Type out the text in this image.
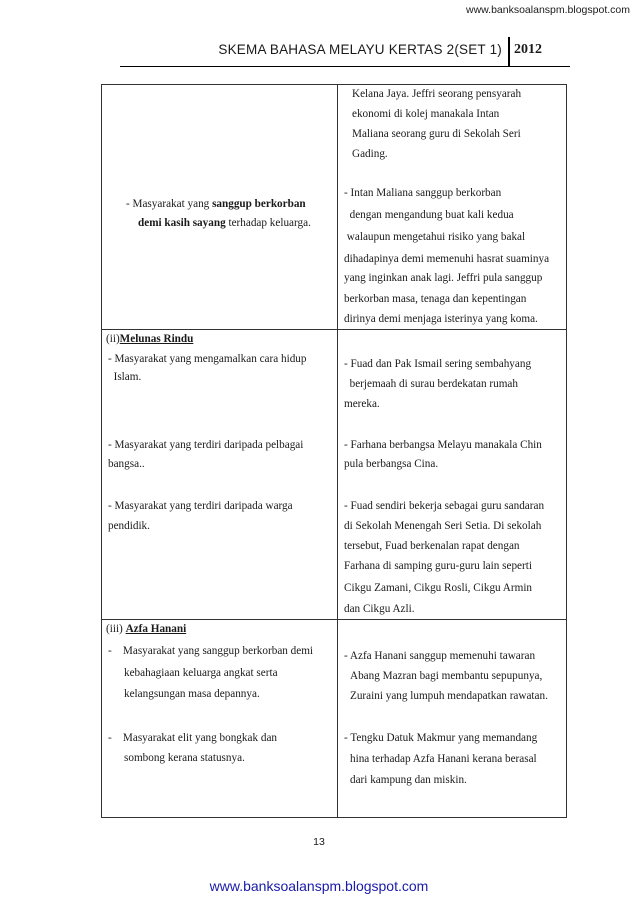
www.banksoalanspm.blogspot.com
SKEMA BAHASA MELAYU KERTAS 2(SET 1) 2012
- Masyarakat yang sanggup berkorban
demi kasih sayang terhadap keluarga.
Kelana Jaya. Jeffri seorang pensyarah
ekonomi di kolej manakala Intan
Maliana seorang guru di Sekolah Seri
Gading.
- Intan Maliana sanggup berkorban
dengan mengandung buat kali kedua
walaupun mengetahui risiko yang bakal
dihadapinya demi memenuhi hasrat suaminya
yang inginkan anak lagi. Jeffri pula sanggup
berkorban masa, tenaga dan kepentingan
dirinya demi menjaga isterinya yang koma.
(ii)Melunas Rindu
- Masyarakat yang mengamalkan cara hidup
Islam.
- Fuad dan Pak Ismail sering sembahyang
berjemaah di surau berdekatan rumah
mereka.
- Masyarakat yang terdiri daripada pelbagai
bangsa..
- Farhana berbangsa Melayu manakala Chin
pula berbangsa Cina.
- Masyarakat yang terdiri daripada warga
pendidik.
- Fuad sendiri bekerja sebagai guru sandaran
di Sekolah Menengah Seri Setia. Di sekolah
tersebut, Fuad berkenalan rapat dengan
Farhana di samping guru-guru lain seperti
Cikgu Zamani, Cikgu Rosli, Cikgu Armin
dan Cikgu Azli.
(iii) Azfa Hanani
-    Masyarakat yang sanggup berkorban demi
kebahagiaan keluarga angkat serta
kelangsungan masa depannya.
- Azfa Hanani sanggup memenuhi tawaran
Abang Mazran bagi membantu sepupunya,
Zuraini yang lumpuh mendapatkan rawatan.
-    Masyarakat elit yang bongkak dan
sombong kerana statusnya.
- Tengku Datuk Makmur yang memandang
hina terhadap Azfa Hanani kerana berasal
dari kampung dan miskin.
13
www.banksoalanspm.blogspot.com
